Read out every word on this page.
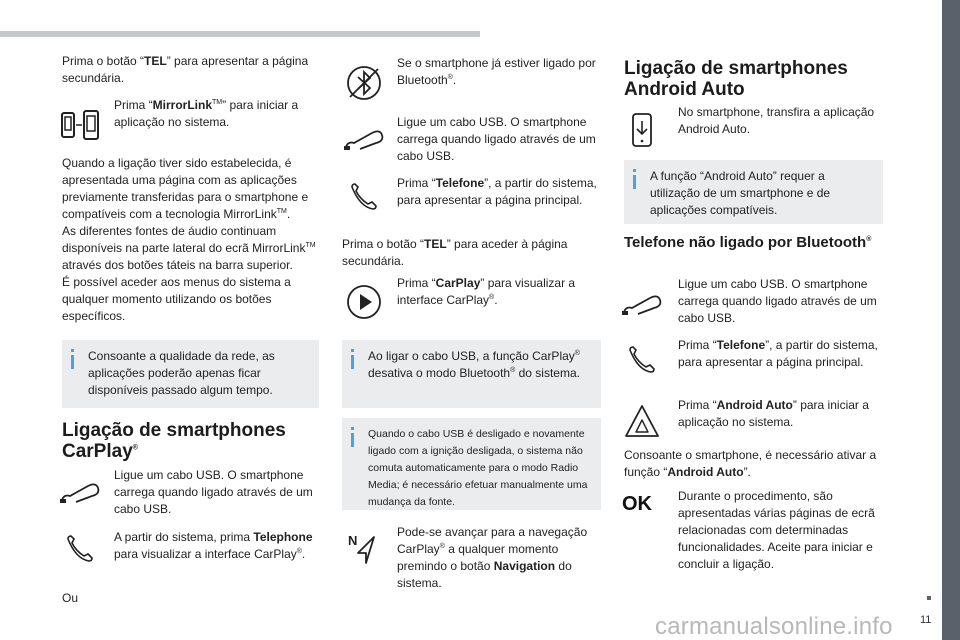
Prima o botão “TEL” para apresentar a página secundária.

Prima “MirrorLink™” para iniciar a aplicação no sistema.

Quando a ligação tiver sido estabelecida, é apresentada uma página com as aplicações previamente transferidas para o smartphone e compatíveis com a tecnologia MirrorLink™.

As diferentes fontes de áudio continuam disponíveis na parte lateral do ecrã MirrorLink™ através dos botões táteis na barra superior.
É possível aceder aos menus do sistema a qualquer momento utilizando os botões específicos.

Consoante a qualidade da rede, as aplicações poderão apenas ficar disponíveis passado algum tempo.

Ligação de smartphones CarPlay®

Ligue um cabo USB. O smartphone carrega quando ligado através de um cabo USB.

A partir do sistema, prima Telephone para visualizar a interface CarPlay®.

Ou

Se o smartphone já estiver ligado por Bluetooth®.

Ligue um cabo USB. O smartphone carrega quando ligado através de um cabo USB.

Prima “Telefone”, a partir do sistema, para apresentar a página principal.

Prima o botão “TEL” para aceder à página secundária.

Prima “CarPlay” para visualizar a interface CarPlay®.

Ao ligar o cabo USB, a função CarPlay® desativa o modo Bluetooth® do sistema.

Quando o cabo USB é desligado e novamente ligado com a ignição desligada, o sistema não comuta automaticamente para o modo Radio Media; é necessário efetuar manualmente uma mudança da fonte.

N

Pode-se avançar para a navegação CarPlay® a qualquer momento premindo o botão Navigation do sistema.

Ligação de smartphones Android Auto

No smartphone, transfira a aplicação Android Auto.

A função “Android Auto” requer a utilização de um smartphone e de aplicações compatíveis.

Telefone não ligado por Bluetooth®

Ligue um cabo USB. O smartphone carrega quando ligado através de um cabo USB.

Prima “Telefone”, a partir do sistema, para apresentar a página principal.

Prima “Android Auto” para iniciar a aplicação no sistema.

Consoante o smartphone, é necessário ativar a função “Android Auto”.

OK	Durante o procedimento, são apresentadas várias páginas de ecrã relacionadas com determinadas funcionalidades. Aceite para iniciar e concluir a ligação.

11
carmanualsonline.info
